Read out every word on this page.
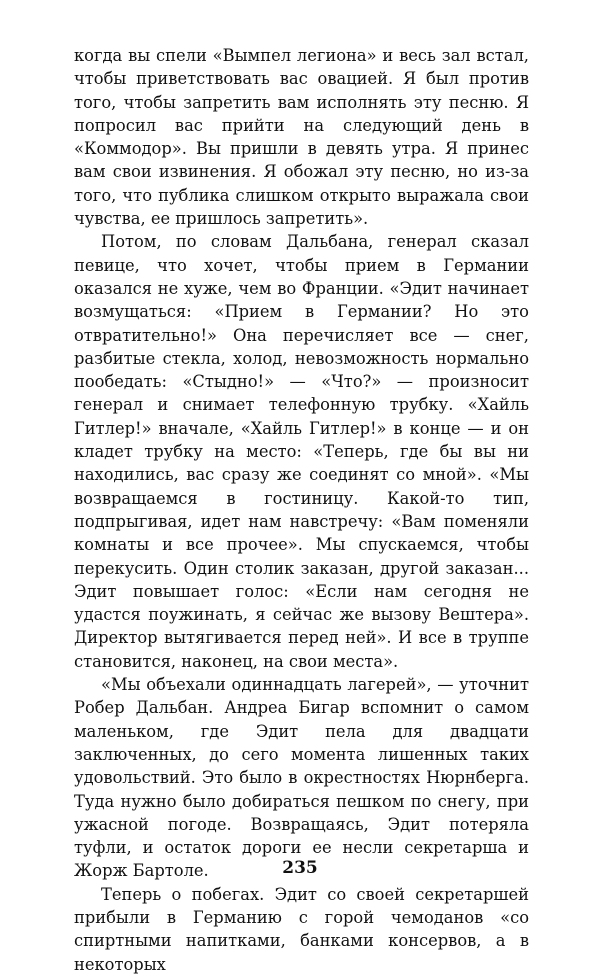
когда вы спели «Вымпел легиона» и весь зал встал, чтобы приветствовать вас овацией. Я был против того, чтобы запретить вам исполнять эту песню. Я попросил вас прийти на следующий день в «Коммодор». Вы пришли в девять утра. Я принес вам свои извинения. Я обожал эту песню, но из-за того, что публика слишком открыто выражала свои чувства, ее пришлось запретить».

Потом, по словам Дальбана, генерал сказал певице, что хочет, чтобы прием в Германии оказался не хуже, чем во Франции. «Эдит начинает возмущаться: «Прием в Германии? Но это отвратительно!» Она перечисляет все — снег, разбитые стекла, холод, невозможность нормально пообедать: «Стыдно!» — «Что?» — произносит генерал и снимает телефонную трубку. «Хайль Гитлер!» вначале, «Хайль Гитлер!» в конце — и он кладет трубку на место: «Теперь, где бы вы ни находились, вас сразу же соединят со мной». «Мы возвращаемся в гостиницу. Какой-то тип, подпрыгивая, идет нам навстречу: «Вам поменяли комнаты и все прочее». Мы спускаемся, чтобы перекусить. Один столик заказан, другой заказан... Эдит повышает голос: «Если нам сегодня не удастся поужинать, я сейчас же вызову Вештера». Директор вытягивается перед ней». И все в труппе становится, наконец, на свои места».

«Мы объехали одиннадцать лагерей», — уточнит Робер Дальбан. Андреа Бигар вспомнит о самом маленьком, где Эдит пела для двадцати заключенных, до сего момента лишенных таких удовольствий. Это было в окрестностях Нюрнберга. Туда нужно было добираться пешком по снегу, при ужасной погоде. Возвращаясь, Эдит потеряла туфли, и остаток дороги ее несли секретарша и Жорж Бартоле.

Теперь о побегах. Эдит со своей секретаршей прибыли в Германию с горой чемоданов «со спиртными напитками, банками консервов, а в некоторых

235
